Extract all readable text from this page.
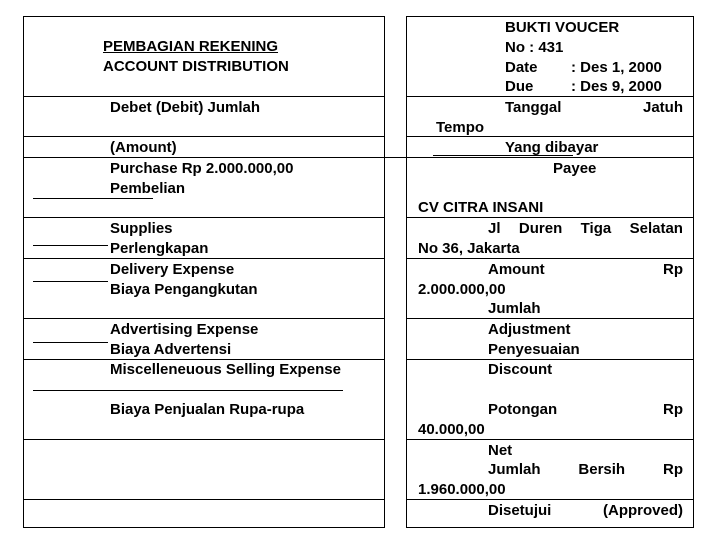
PEMBAGIAN REKENING
ACCOUNT DISTRIBUTION
Debet (Debit) Jumlah
(Amount)
Purchase Rp 2.000.000,00
Pembelian
Supplies
Perlengkapan
Delivery Expense
Biaya Pengangkutan
Advertising Expense
Biaya Advertensi
Miscelleneuous Selling Expense
Biaya Penjualan Rupa-rupa
BUKTI VOUCER
No : 431
Date : Des 1, 2000
Due	: Des 9, 2000
Tanggal	Jatuh
Tempo
Yang dibayar
Payee
CV CITRA INSANI
Jl Duren Tiga Selatan
No 36, Jakarta
Amount	Rp
2.000.000,00
Jumlah
Adjustment
Penyesuaian
Discount
Potongan	Rp
40.000,00
Net
Jumlah	Bersih	Rp
1.960.000,00
Disetujui	(Approved)
